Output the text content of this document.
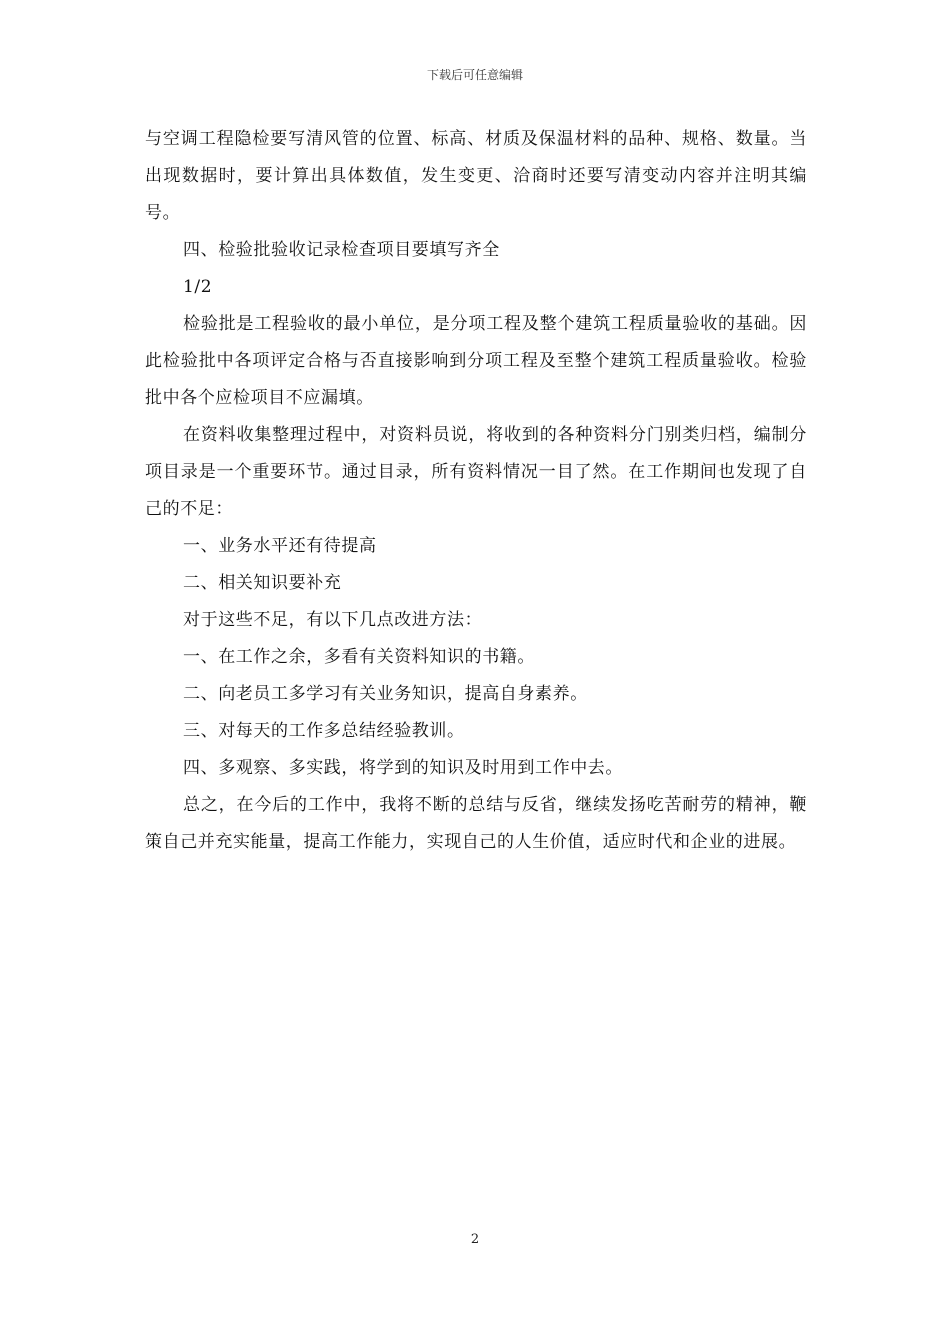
下载后可任意编辑

与空调工程隐检要写清风管的位置、标高、材质及保温材料的品种、规格、数量。当出现数据时，要计算出具体数值，发生变更、洽商时还要写清变动内容并注明其编号。

四、检验批验收记录检查项目要填写齐全

1/2

检验批是工程验收的最小单位，是分项工程及整个建筑工程质量验收的基础。因此检验批中各项评定合格与否直接影响到分项工程及至整个建筑工程质量验收。检验批中各个应检项目不应漏填。

在资料收集整理过程中，对资料员说，将收到的各种资料分门别类归档，编制分项目录是一个重要环节。通过目录，所有资料情况一目了然。在工作期间也发现了自己的不足：

一、业务水平还有待提高

二、相关知识要补充

对于这些不足，有以下几点改进方法：

一、在工作之余，多看有关资料知识的书籍。

二、向老员工多学习有关业务知识，提高自身素养。

三、对每天的工作多总结经验教训。

四、多观察、多实践，将学到的知识及时用到工作中去。

总之，在今后的工作中，我将不断的总结与反省，继续发扬吃苦耐劳的精神，鞭策自己并充实能量，提高工作能力，实现自己的人生价值，适应时代和企业的进展。

2
